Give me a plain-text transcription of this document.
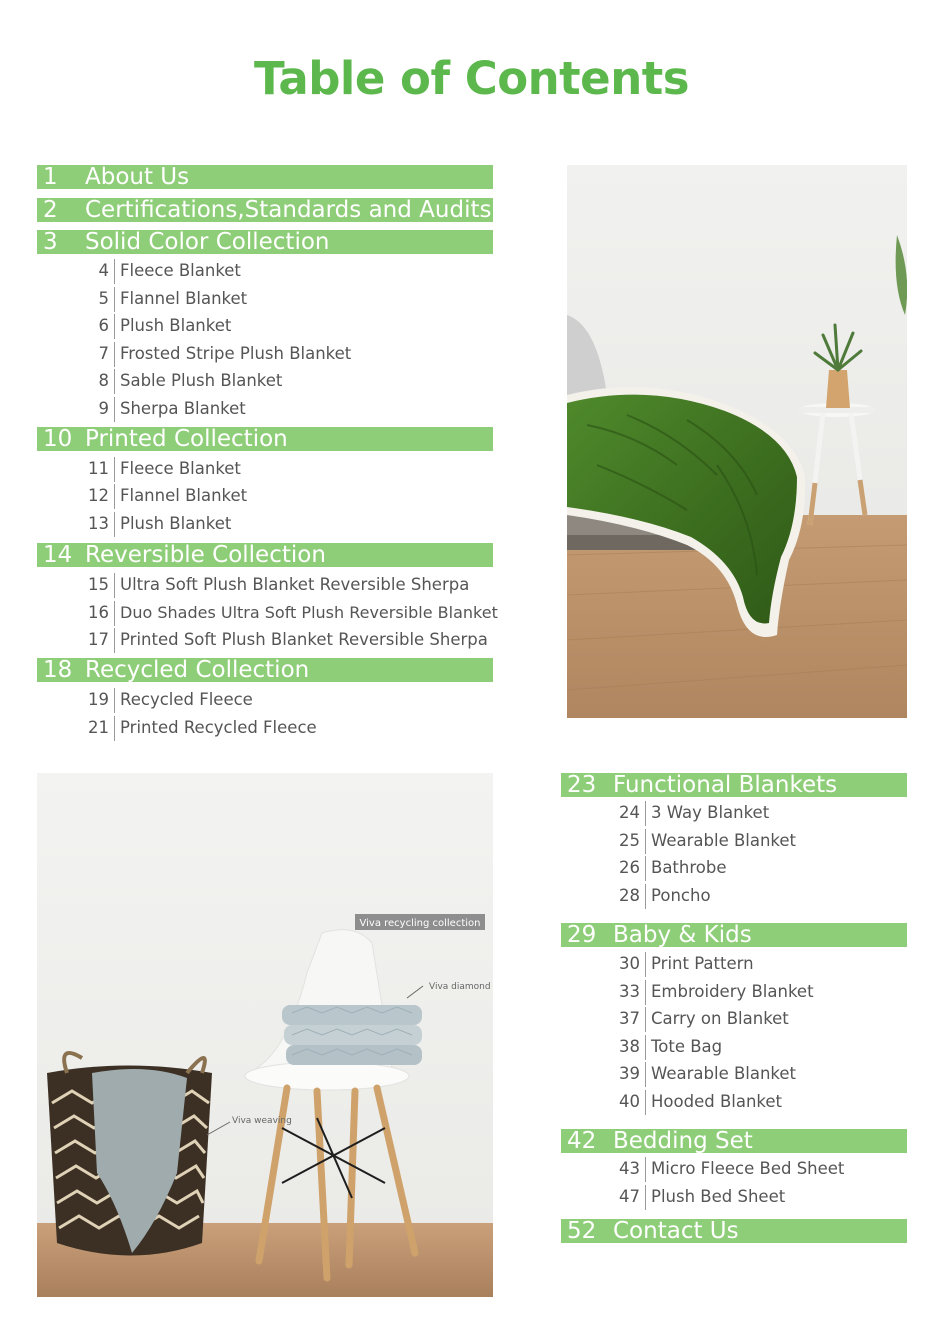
Table of Contents
1 About Us
2 Certifications,Standards and Audits
3 Solid Color Collection
4 Fleece Blanket
5 Flannel Blanket
6 Plush Blanket
7 Frosted Stripe Plush Blanket
8 Sable Plush Blanket
9 Sherpa Blanket
10 Printed Collection
11 Fleece Blanket
12 Flannel Blanket
13 Plush Blanket
14 Reversible Collection
15 Ultra Soft Plush Blanket Reversible Sherpa
16 Duo Shades Ultra Soft Plush Reversible Blanket
17 Printed Soft Plush Blanket Reversible Sherpa
18 Recycled Collection
19 Recycled Fleece
21 Printed Recycled Fleece
Viva recycling collection
Viva diamond
Viva weaving
23 Functional Blankets
24 3 Way Blanket
25 Wearable Blanket
26 Bathrobe
28 Poncho
29 Baby & Kids
30 Print Pattern
33 Embroidery Blanket
37 Carry on Blanket
38 Tote Bag
39 Wearable Blanket
40 Hooded Blanket
42 Bedding Set
43 Micro Fleece Bed Sheet
47 Plush Bed Sheet
52 Contact Us
